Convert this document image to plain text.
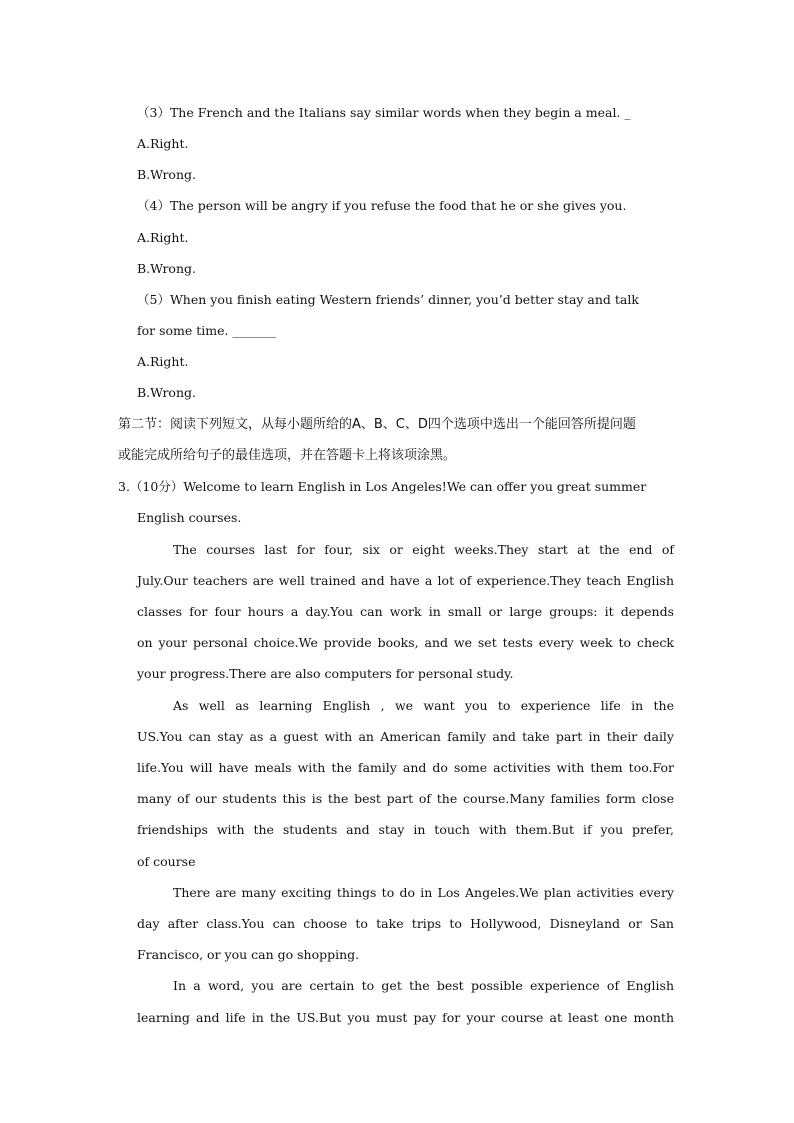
（3）The French and the Italians say similar words when they begin a meal. _
A.Right.
B.Wrong.
（4）The person will be angry if you refuse the food that he or she gives you.
A.Right.
B.Wrong.
（5）When you finish eating Western friends’ dinner, you’d better stay and talk
for some time. _______
A.Right.
B.Wrong.
第二节：阅读下列短文，从每小题所给的A、B、C、D四个选项中选出一个能回答所提问题
或能完成所给句子的最佳选项，并在答题卡上将该项涂黑。
3.（10分）Welcome to learn English in Los Angeles!We can offer you great summer
English courses.
The courses last for four, six or eight weeks.They start at the end of
July.Our teachers are well trained and have a lot of experience.They teach English
classes for four hours a day.You can work in small or large groups: it depends
on your personal choice.We provide books, and we set tests every week to check
your progress.There are also computers for personal study.
As well as learning English , we want you to experience life in the
US.You can stay as a guest with an American family and take part in their daily
life.You will have meals with the family and do some activities with them too.For
many of our students this is the best part of the course.Many families form close
friendships with the students and stay in touch with them.But if you prefer,
of course
There are many exciting things to do in Los Angeles.We plan activities every
day after class.You can choose to take trips to Hollywood, Disneyland or San
Francisco, or you can go shopping.
In a word, you are certain to get the best possible experience of English
learning and life in the US.But you must pay for your course at least one month
